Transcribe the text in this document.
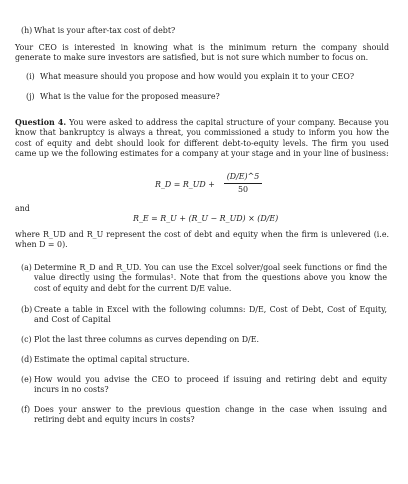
(h) What is your after-tax cost of debt?
Your CEO is interested in knowing what is the minimum return the company should generate to make sure investors are satisfied, but is not sure which number to focus on.
(i) What measure should you propose and how would you explain it to your CEO?
(j) What is the value for the proposed measure?
Question 4. You were asked to address the capital structure of your company. Because you know that bankruptcy is always a threat, you commissioned a study to inform you how the cost of equity and debt should look for different debt-to-equity levels. The firm you used came up we the following estimates for a company at your stage and in your line of business:
R_D = R_UD + $\frac{(D/E)\^{}5}{50}$
and
R_E = R_U + (R_U − R_UD) × (D/E)
where R_UD and R_U represent the cost of debt and equity when the firm is unlevered (i.e. when D = 0).
(a) Determine R_D and R_UD. You can use the Excel solver/goal seek functions or find the value directly using the formulas¹. Note that from the questions above you know the cost of equity and debt for the current D/E value.
(b) Create a table in Excel with the following columns: D/E, Cost of Debt, Cost of Equity, and Cost of Capital
(c) Plot the last three columns as curves depending on D/E.
(d) Estimate the optimal capital structure.
(e) How would you advise the CEO to proceed if issuing and retiring debt and equity incurs in no costs?
(f) Does your answer to the previous question change in the case when issuing and retiring debt and equity incurs in costs?
